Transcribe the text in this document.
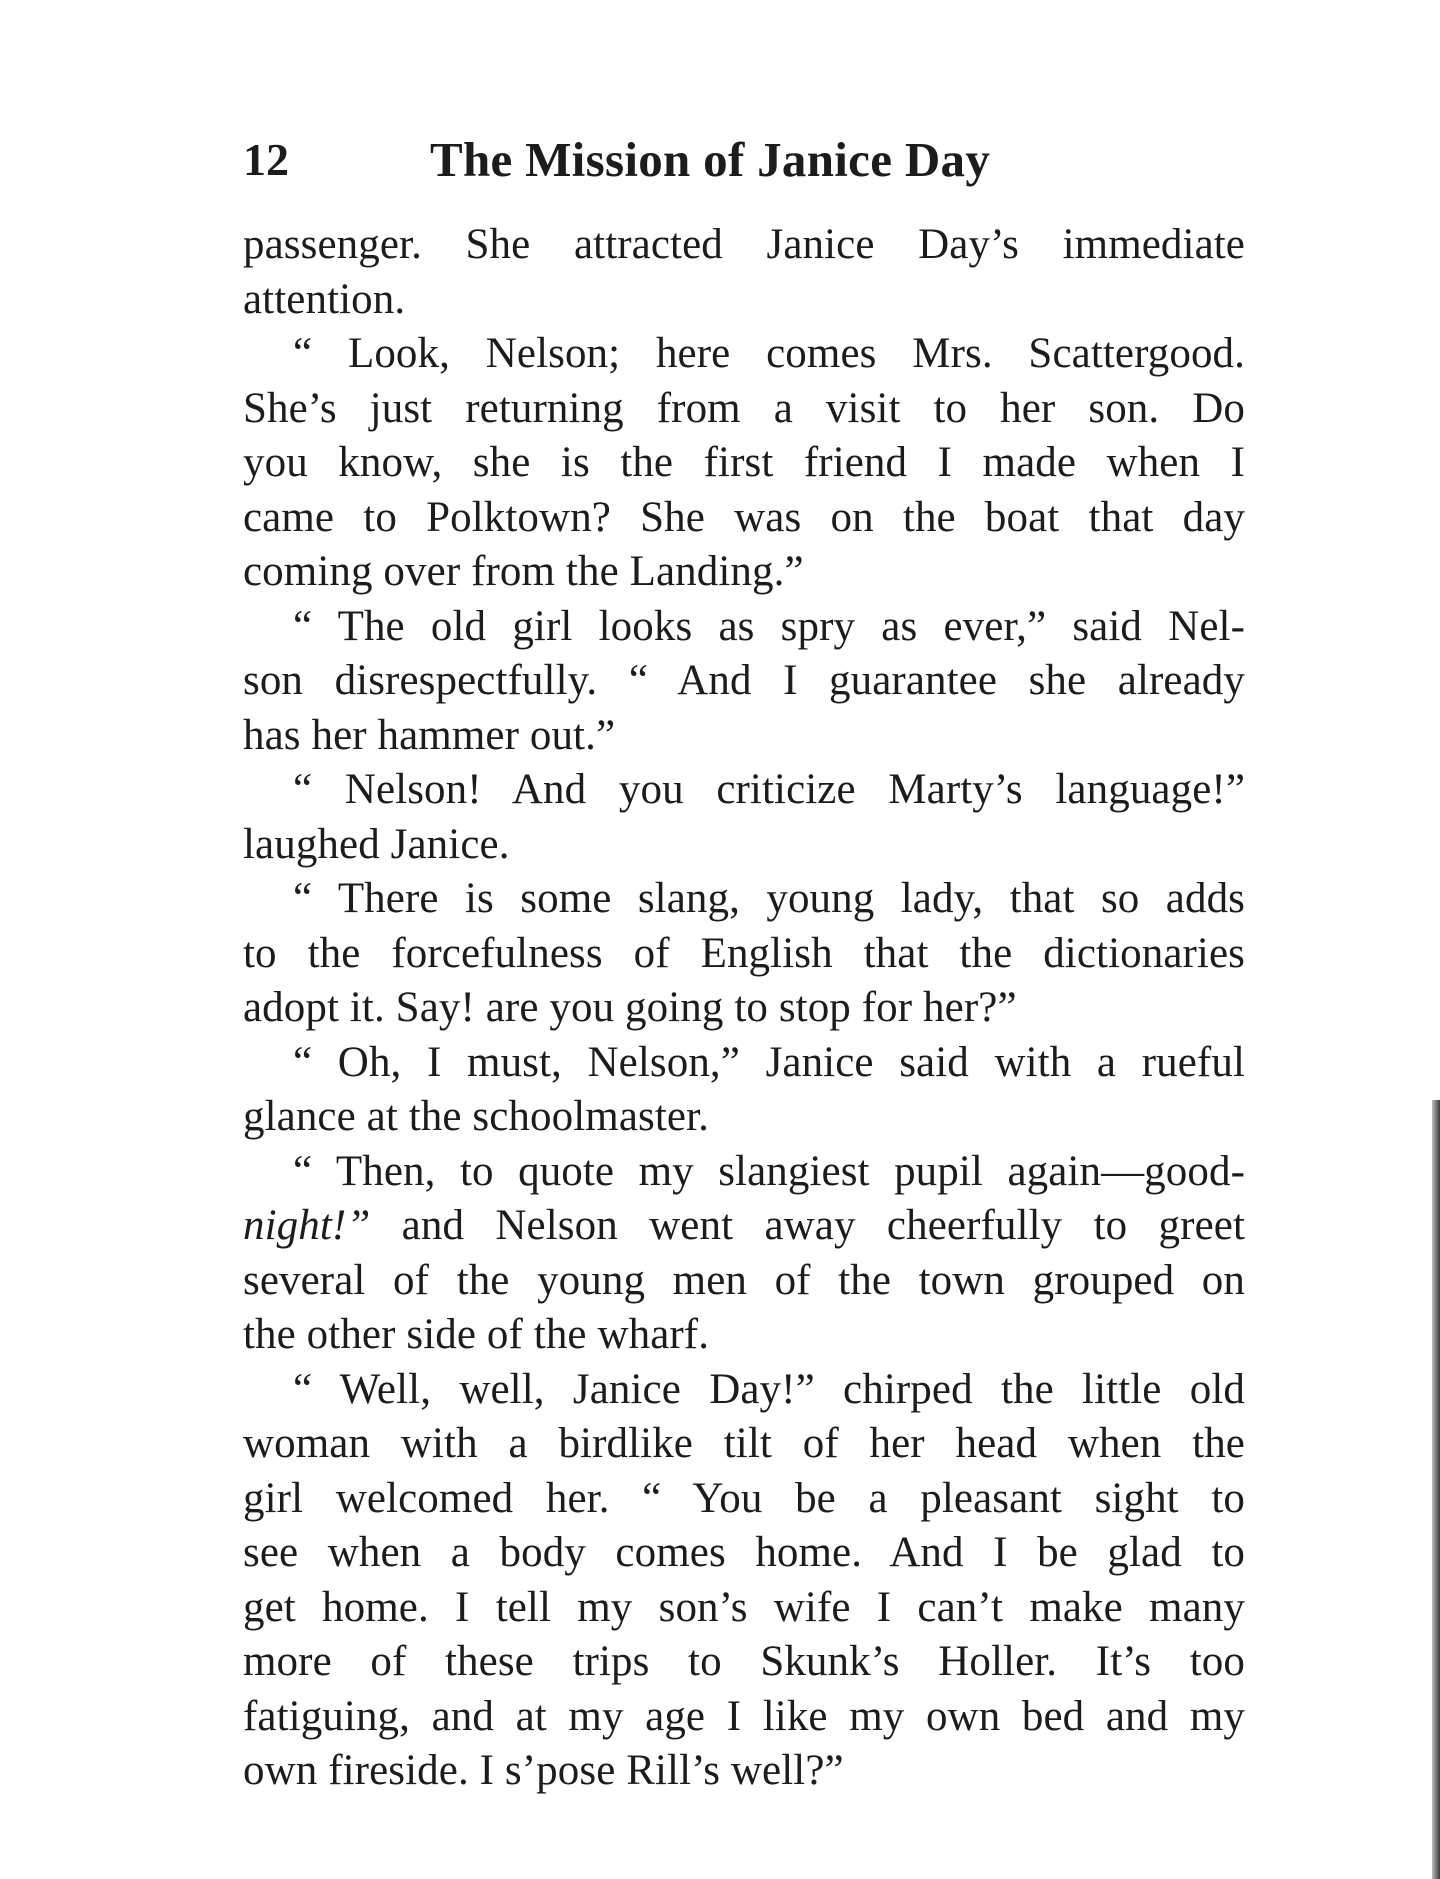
12	The Mission of Janice Day
passenger. She attracted Janice Day’s immediate
attention.
“ Look, Nelson; here comes Mrs. Scattergood.
She’s just returning from a visit to her son. Do
you know, she is the first friend I made when I
came to Polktown? She was on the boat that day
coming over from the Landing.”
“ The old girl looks as spry as ever,” said Nel-
son disrespectfully. “ And I guarantee she already
has her hammer out.”
“ Nelson! And you criticize Marty’s language!”
laughed Janice.
“ There is some slang, young lady, that so adds
to the forcefulness of English that the dictionaries
adopt it. Say! are you going to stop for her?”
“ Oh, I must, Nelson,” Janice said with a rueful
glance at the schoolmaster.
“ Then, to quote my slangiest pupil again—good-
night!” and Nelson went away cheerfully to greet
several of the young men of the town grouped on
the other side of the wharf.
“ Well, well, Janice Day!” chirped the little old
woman with a birdlike tilt of her head when the
girl welcomed her. “ You be a pleasant sight to
see when a body comes home. And I be glad to
get home. I tell my son’s wife I can’t make many
more of these trips to Skunk’s Holler. It’s too
fatiguing, and at my age I like my own bed and my
own fireside. I s’pose Rill’s well?”
